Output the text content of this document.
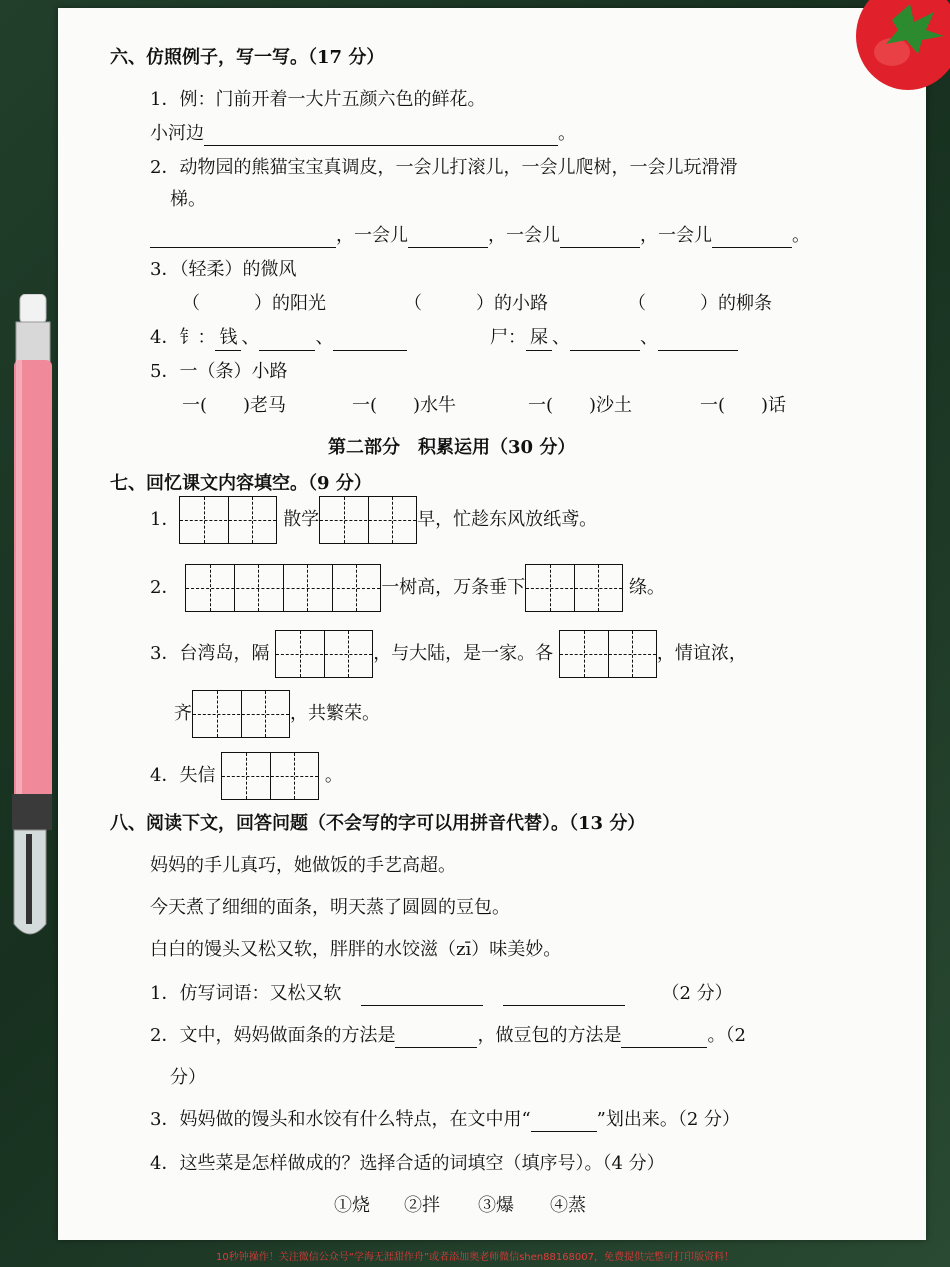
六、仿照例子，写一写。（17 分）
1．例：门前开着一大片五颜六色的鲜花。
小河边	。
2．动物园的熊猫宝宝真调皮，一会儿打滚儿，一会儿爬树，一会儿玩滑滑
梯。
，一会儿	，一会儿	，一会儿	。
3．（轻柔）的微风
（　　　）的阳光	（　　　）的小路	（　　　）的柳条
4．钅： 钱 、	、	尸： 屎 、	、
5．一（条）小路
一(　　)老马	一(　　)水牛	一(　　)沙土	一(　　)话
第二部分　积累运用（30 分）
七、回忆课文内容填空。（9 分）
1．	散学	早，忙趁东风放纸鸢。
2．	一树高，万条垂下	绦。
3．台湾岛，隔	，与大陆，是一家。各	，情谊浓，
齐	，共繁荣。
4．失信	。
八、阅读下文，回答问题（不会写的字可以用拼音代替）。（13 分）
妈妈的手儿真巧，她做饭的手艺高超。
今天煮了细细的面条，明天蒸了圆圆的豆包。
白白的馒头又松又软，胖胖的水饺滋（zī）味美妙。
1．仿写词语：又松又软	（2 分）
2．文中，妈妈做面条的方法是	，做豆包的方法是	。（2
分）
3．妈妈做的馒头和水饺有什么特点，在文中用“	”划出来。（2 分）
4．这些菜是怎样做成的？选择合适的词填空（填序号）。（4 分）
①烧 ②拌 ③爆 ④蒸
10秒钟操作！关注微信公众号“学海无涯甜作舟”或者添加奥老师微信shen88168007，免费提供完整可打印版资料！
